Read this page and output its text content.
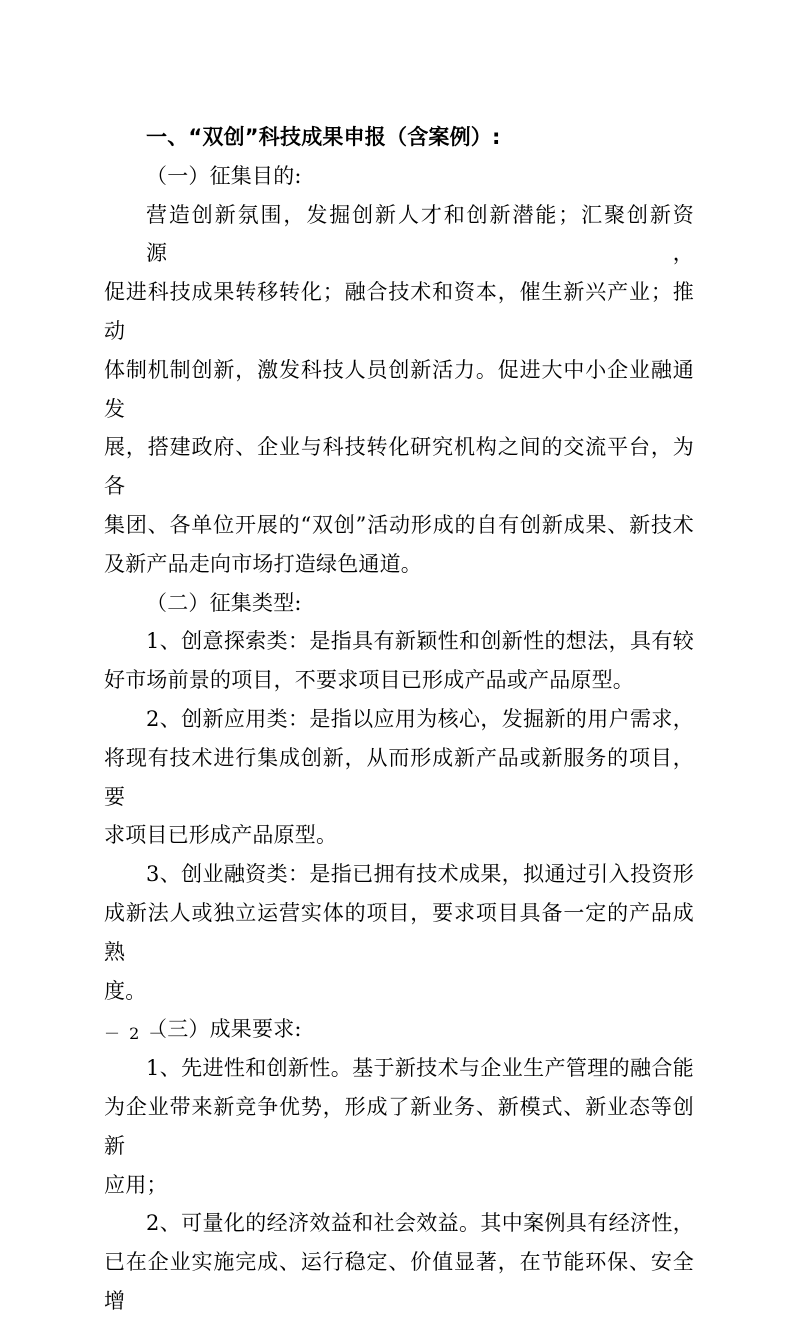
一、“双创”科技成果申报（含案例）:
（一）征集目的:
营造创新氛围，发掘创新人才和创新潜能；汇聚创新资源，
促进科技成果转移转化；融合技术和资本，催生新兴产业；推动
体制机制创新，激发科技人员创新活力。促进大中小企业融通发
展，搭建政府、企业与科技转化研究机构之间的交流平台，为各
集团、各单位开展的“双创”活动形成的自有创新成果、新技术
及新产品走向市场打造绿色通道。
（二）征集类型:
1、创意探索类：是指具有新颖性和创新性的想法，具有较
好市场前景的项目，不要求项目已形成产品或产品原型。
2、创新应用类：是指以应用为核心，发掘新的用户需求，
将现有技术进行集成创新，从而形成新产品或新服务的项目，要
求项目已形成产品原型。
3、创业融资类：是指已拥有技术成果，拟通过引入投资形
成新法人或独立运营实体的项目，要求项目具备一定的产品成熟
度。
（三）成果要求:
1、先进性和创新性。基于新技术与企业生产管理的融合能
为企业带来新竞争优势，形成了新业务、新模式、新业态等创新
应用；
2、可量化的经济效益和社会效益。其中案例具有经济性，
已在企业实施完成、运行稳定、价值显著，在节能环保、安全增
－ 2 －
